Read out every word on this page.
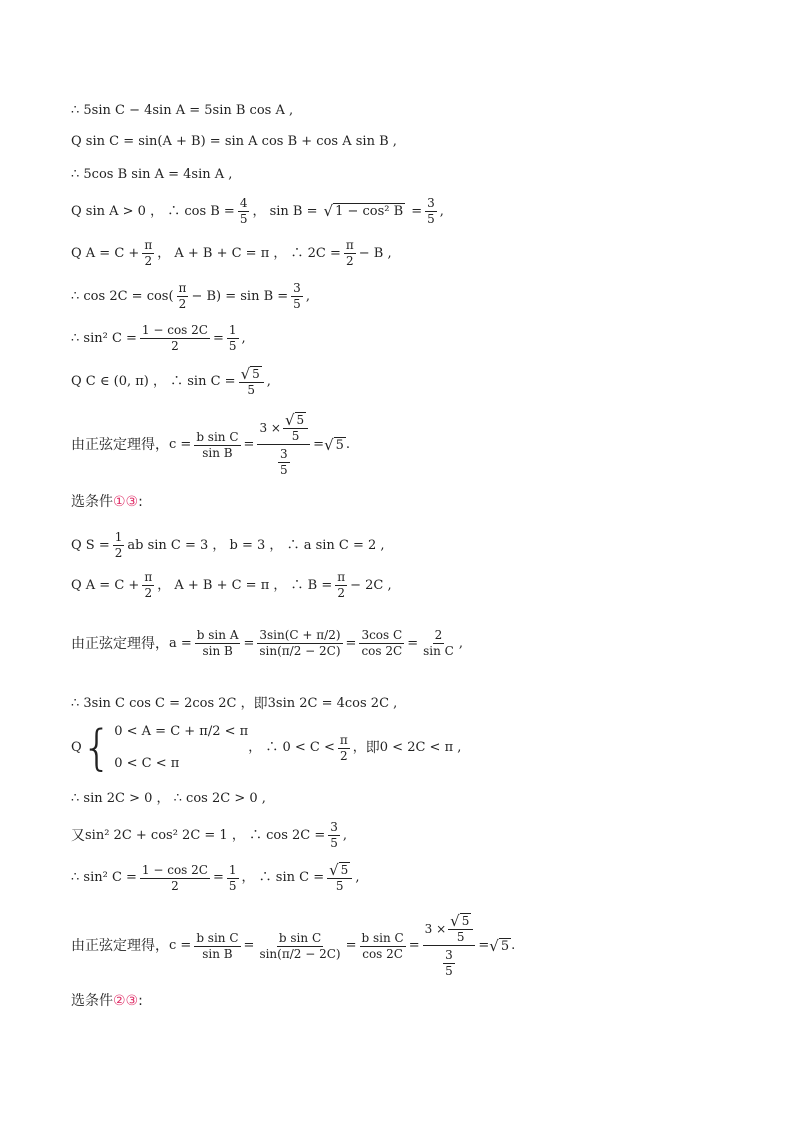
∴ 5sin C − 4sin A = 5sin B cos A ,
Q sin C = sin(A + B) = sin A cos B + cos A sin B ,
∴ 5cos B sin A = 4sin A ,
Q sin A > 0 ， ∴ $\cos B = \frac{4}{5}$ ， sin B = √ 1 − cos² $B = \frac{3}{5}$ ,
Q $A = C + \frac{\pi}{2}$ ， A + B + C = π ， ∴ $2C = \frac{\pi}{2} - B$ ,
∴ $\cos 2C = \cos( \frac{\pi}{2} - B) = \sin B = \frac{3}{5}$ ,
∴ sin² $C = \frac{1 - \cos 2C}{2} = \frac{1}{5}$ ,
Q C ∈ (0, π) ， ∴ $\sin C = \frac{√ 5}{5}$ ,
由正弦定理得， $c = \frac{\text{b sin C}}{\text{sin B}} = \frac{3 \times \frac{√ 5}{5}}{\frac{3}{5}}$ = √ 5 .
选条件 ①③ :
Q $S = \frac{1}{2}$ ab sin C = 3 ， b = 3 ， ∴ a sin C = 2 ,
Q $A = C + \frac{\pi}{2}$ ， A + B + C = π ， ∴ $B = \frac{\pi}{2} - 2C$ ,
由正弦定理得， $a = \frac{\text{b sin A}}{\text{sin B}} = \frac{3\sin(C + \pi/2)}{\sin(\pi/2 - 2C)} = \frac{\text{3cos C}}{\cos 2C} = \frac{2}{\text{sin C}}$ ,
∴ 3sin C cos C = 2cos 2C ， 即 3sin 2C = 4cos 2C ,
Q { 0 < A = C + π/2 < π
0 < C < π
， ∴ $0 < C < \frac{\pi}{2}$ ， 即 0 < 2C < π ,
∴ sin 2C > 0 ， ∴ cos 2C > 0 ,
又 sin² 2C + cos² 2C = 1 ， ∴ $\cos 2C = \frac{3}{5}$ ,
∴ sin² $C = \frac{1 - \cos 2C}{2} = \frac{1}{5}$ ， ∴ $\sin C = \frac{√ 5}{5}$ ,
由正弦定理得， $c = \frac{\text{b sin C}}{\text{sin B}} = \frac{\text{b sin C}}{\sin(\pi/2 - 2C)} = \frac{\text{b sin C}}{\cos 2C} = \frac{3 \times \frac{√ 5}{5}}{\frac{3}{5}}$ = √ 5 .
选条件 ②③ :
